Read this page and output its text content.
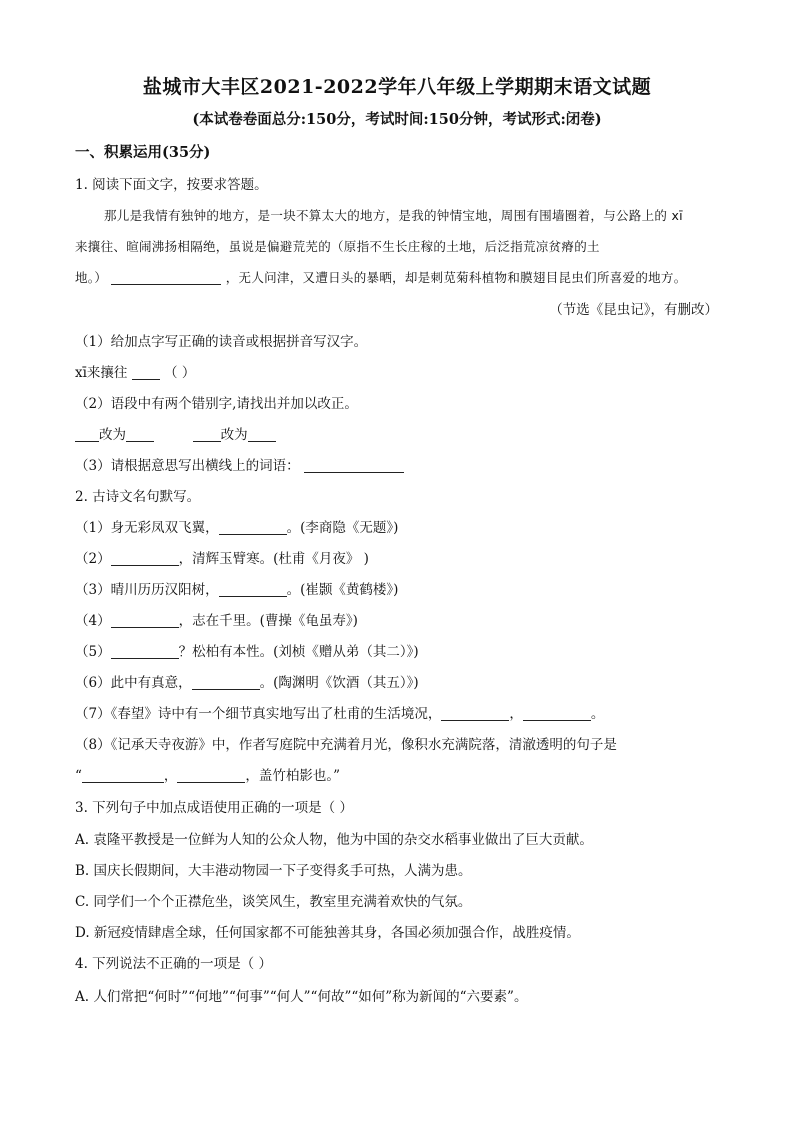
盐城市大丰区2021-2022学年八年级上学期期末语文试题
(本试卷卷面总分:150分，考试时间:150分钟，考试形式:闭卷)
一、积累运用(35分)
1. 阅读下面文字，按要求答题。
那儿是我情有独钟的地方，是一块不算太大的地方，是我的钟情宝地，周围有围墙圈着，与公路上的 xī
来攘往、暄闹沸扬相隔绝，虽说是偏避荒芜的（原指不生长庄稼的土地，后泛指荒凉贫瘠的土
地。）	，无人问津，又遭日头的暴晒，却是刺苋菊科植物和膜翅目昆虫们所喜爱的地方。
（节选《昆虫记》，有删改）
（1）给加点字写正确的读音或根据拼音写汉字。
xī来攘往	（ ）
（2）语段中有两个错别字,请找出并加以改正。
改为	改为
（3）请根据意思写出横线上的词语：
2. 古诗文名句默写。
（1）身无彩凤双飞翼，	。(李商隐《无题》)
（2）	，清辉玉臂寒。(杜甫《月夜》 )
（3）晴川历历汉阳树，	。(崔颢《黄鹤楼》)
（4）	，志在千里。(曹操《龟虽寿》)
（5）	？松柏有本性。(刘桢《赠从弟（其二）》)
（6）此中有真意，	。(陶渊明《饮酒（其五）》)
（7）《春望》诗中有一个细节真实地写出了杜甫的生活境况，	，	。
（8）《记承天寺夜游》中，作者写庭院中充满着月光，像积水充满院落，清澈透明的句子是
“	，	，盖竹柏影也。”
3. 下列句子中加点成语使用正确的一项是（ ）
A. 袁隆平教授是一位鲜为人知的公众人物，他为中国的杂交水稻事业做出了巨大贡献。
B. 国庆长假期间，大丰港动物园一下子变得炙手可热，人满为患。
C. 同学们一个个正襟危坐，谈笑风生，教室里充满着欢快的气氛。
D. 新冠疫情肆虐全球，任何国家都不可能独善其身，各国必须加强合作，战胜疫情。
4. 下列说法不正确的一项是（ ）
A. 人们常把“何时”“何地”“何事”“何人”“何故”“如何”称为新闻的“六要素”。
